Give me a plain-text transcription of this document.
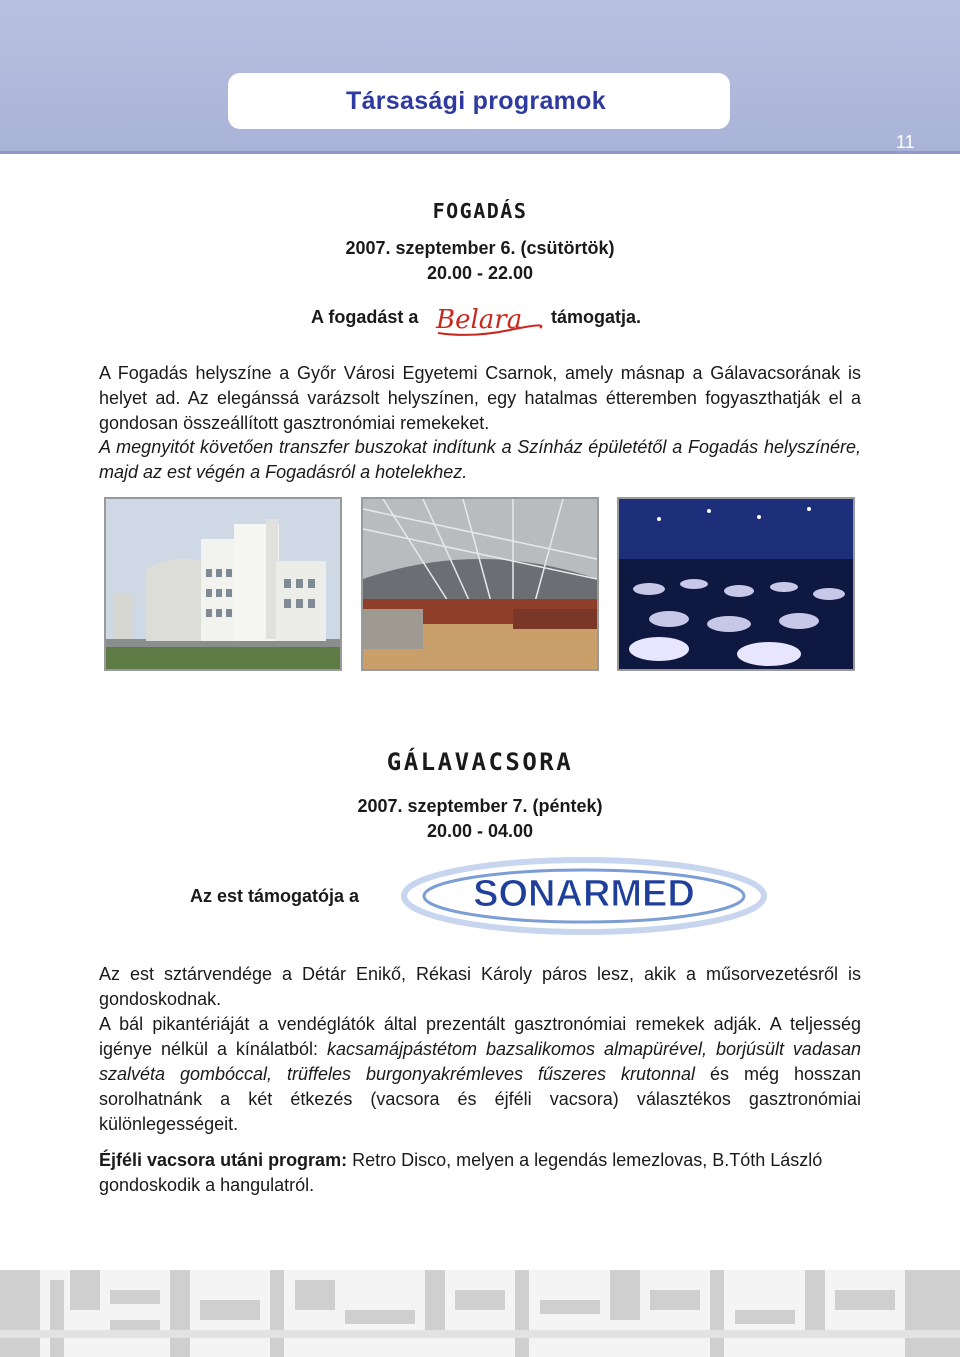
Társasági programok
11
FOGADÁS
2007. szeptember 6. (csütörtök)
20.00 - 22.00
A fogadást a Belara támogatja.

A Fogadás helyszíne a Győr Városi Egyetemi Csarnok, amely másnap a Gálavacsorának is helyet ad. Az elegánssá varázsolt helyszínen, egy hatalmas étteremben fogyaszthatják el a gondosan összeállított gasztronómiai remekeket.

A megnyitót követően transzfer buszokat indítunk a Színház épületétől a Fogadás helyszínére, majd az est végén a Fogadásról a hotelekhez.

GÁLAVACSORA
2007. szeptember 7. (péntek)
20.00 - 04.00
Az est támogatója a	SONARMED

Az est sztárvendége a Détár Enikő, Rékasi Károly páros lesz, akik a műsorvezetésről is gondoskodnak.

A bál pikantériáját a vendéglátók által prezentált gasztronómiai remekek adják. A teljesség igénye nélkül a kínálatból: kacsamájpástétom bazsalikomos almapürével, borjúsült vadasan szalvéta gombóccal, trüffeles burgonyakrémleves fűszeres krutonnal és még hosszan sorolhatnánk a két étkezés (vacsora és éjféli vacsora) választékos gasztronómiai különlegességeit.

Éjféli vacsora utáni program: Retro Disco, melyen a legendás lemezlovas, B.Tóth László gondoskodik a hangulatról.
